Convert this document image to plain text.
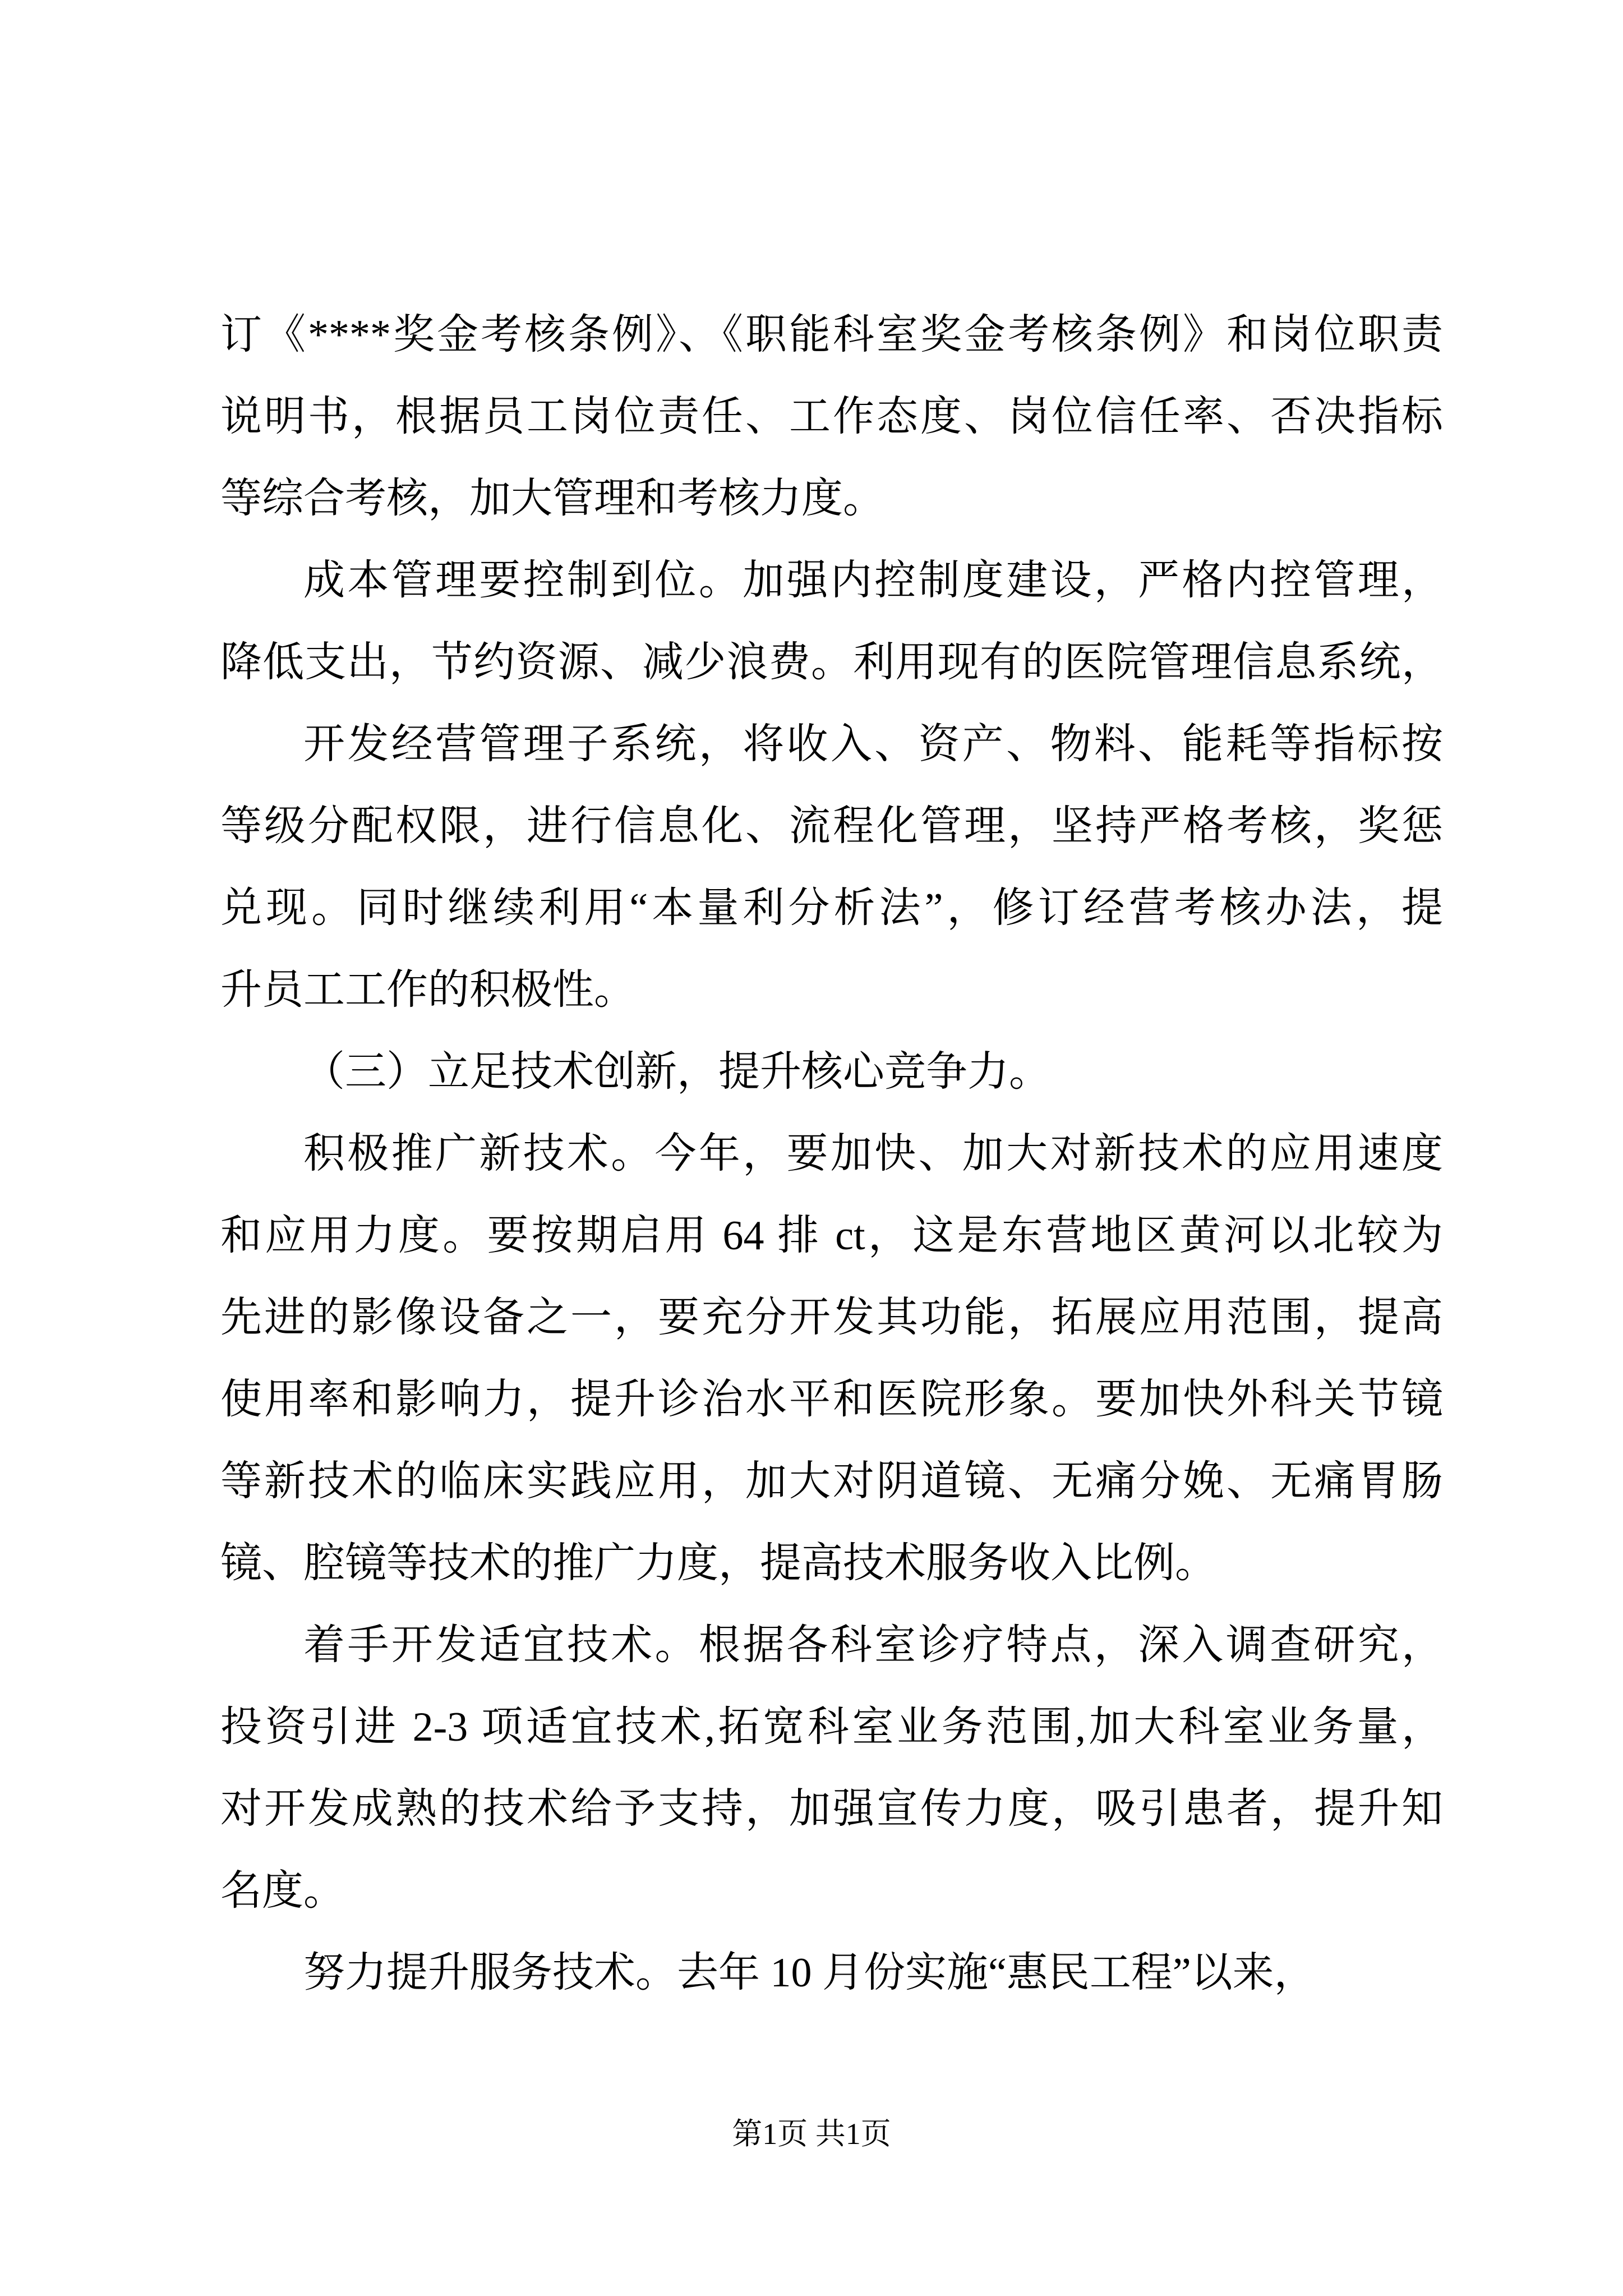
订《****奖金考核条例》、《职能科室奖金考核条例》和岗位职责
说明书，根据员工岗位责任、工作态度、岗位信任率、否决指标
等综合考核，加大管理和考核力度。
成本管理要控制到位。加强内控制度建设，严格内控管理，
降低支出，节约资源、减少浪费。利用现有的医院管理信息系统，
开发经营管理子系统，将收入、资产、物料、能耗等指标按
等级分配权限，进行信息化、流程化管理，坚持严格考核，奖惩
兑现。同时继续利用“本量利分析法”，修订经营考核办法，提
升员工工作的积极性。
（三）立足技术创新，提升核心竞争力。
积极推广新技术。今年，要加快、加大对新技术的应用速度
和应用力度。要按期启用 64 排 ct，这是东营地区黄河以北较为
先进的影像设备之一，要充分开发其功能，拓展应用范围，提高
使用率和影响力，提升诊治水平和医院形象。要加快外科关节镜
等新技术的临床实践应用，加大对阴道镜、无痛分娩、无痛胃肠
镜、腔镜等技术的推广力度，提高技术服务收入比例。
着手开发适宜技术。根据各科室诊疗特点，深入调查研究，
投资引进 2-3 项适宜技术,拓宽科室业务范围,加大科室业务量，
对开发成熟的技术给予支持，加强宣传力度，吸引患者，提升知
名度。
努力提升服务技术。去年 10 月份实施“惠民工程”以来，
第1页 共1页
